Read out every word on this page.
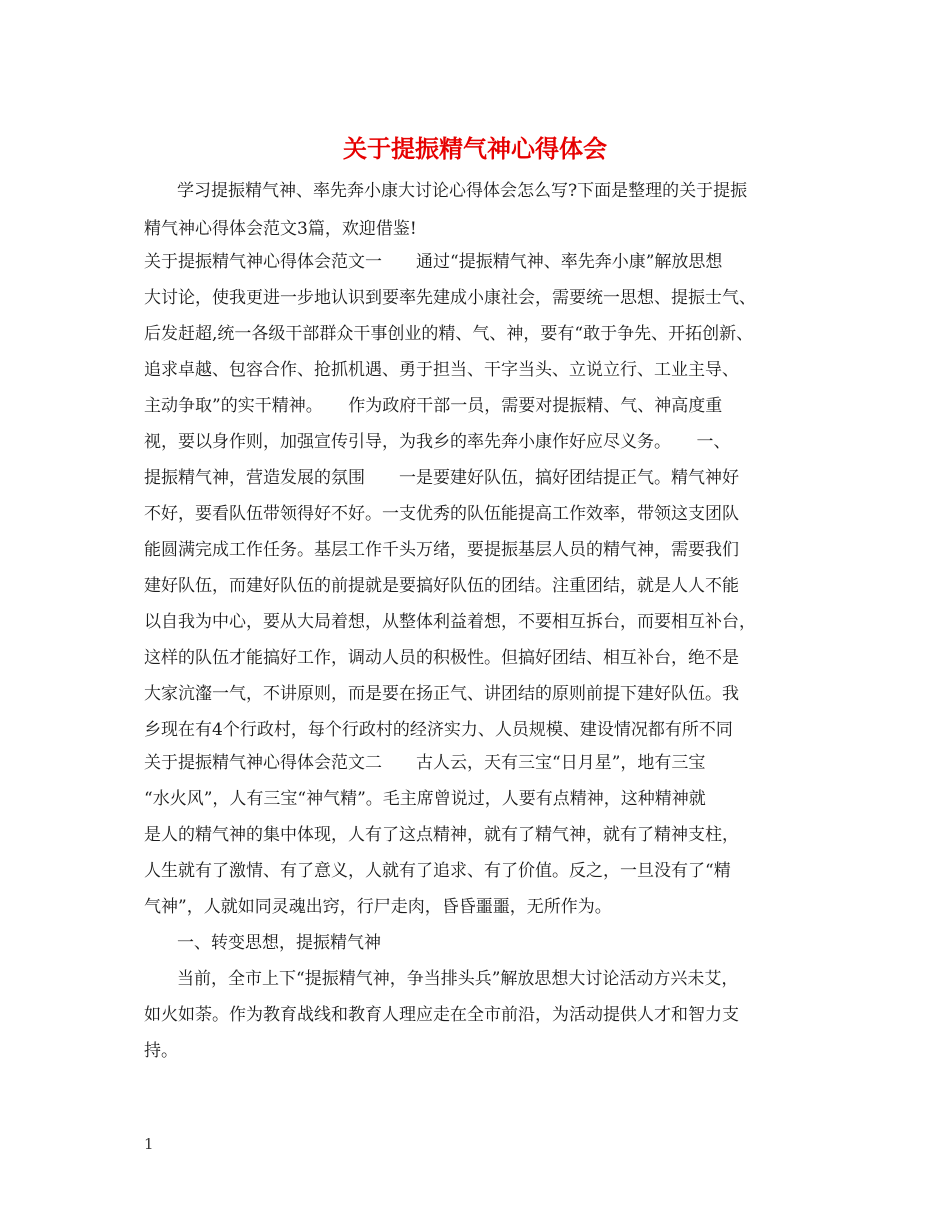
关于提振精气神心得体会
学习提振精气神、率先奔小康大讨论心得体会怎么写?下面是整理的关于提振
精气神心得体会范文3篇，欢迎借鉴!
关于提振精气神心得体会范文一　　通过“提振精气神、率先奔小康”解放思想
大讨论，使我更进一步地认识到要率先建成小康社会，需要统一思想、提振士气、
后发赶超,统一各级干部群众干事创业的精、气、神，要有“敢于争先、开拓创新、
追求卓越、包容合作、抢抓机遇、勇于担当、干字当头、立说立行、工业主导、
主动争取”的实干精神。　　作为政府干部一员，需要对提振精、气、神高度重
视，要以身作则，加强宣传引导，为我乡的率先奔小康作好应尽义务。　　一、
提振精气神，营造发展的氛围　　一是要建好队伍，搞好团结提正气。精气神好
不好，要看队伍带领得好不好。一支优秀的队伍能提高工作效率，带领这支团队
能圆满完成工作任务。基层工作千头万绪，要提振基层人员的精气神，需要我们
建好队伍，而建好队伍的前提就是要搞好队伍的团结。注重团结，就是人人不能
以自我为中心，要从大局着想，从整体利益着想，不要相互拆台，而要相互补台，
这样的队伍才能搞好工作，调动人员的积极性。但搞好团结、相互补台，绝不是
大家沆瀣一气，不讲原则，而是要在扬正气、讲团结的原则前提下建好队伍。我
乡现在有4个行政村，每个行政村的经济实力、人员规模、建设情况都有所不同
关于提振精气神心得体会范文二　　古人云，天有三宝“日月星”，地有三宝
“水火风”，人有三宝“神气精”。毛主席曾说过，人要有点精神，这种精神就
是人的精气神的集中体现，人有了这点精神，就有了精气神，就有了精神支柱，
人生就有了激情、有了意义，人就有了追求、有了价值。反之，一旦没有了“精
气神”，人就如同灵魂出窍，行尸走肉，昏昏噩噩，无所作为。
一、转变思想，提振精气神
当前，全市上下“提振精气神，争当排头兵”解放思想大讨论活动方兴未艾，
如火如荼。作为教育战线和教育人理应走在全市前沿，为活动提供人才和智力支
持。
1
